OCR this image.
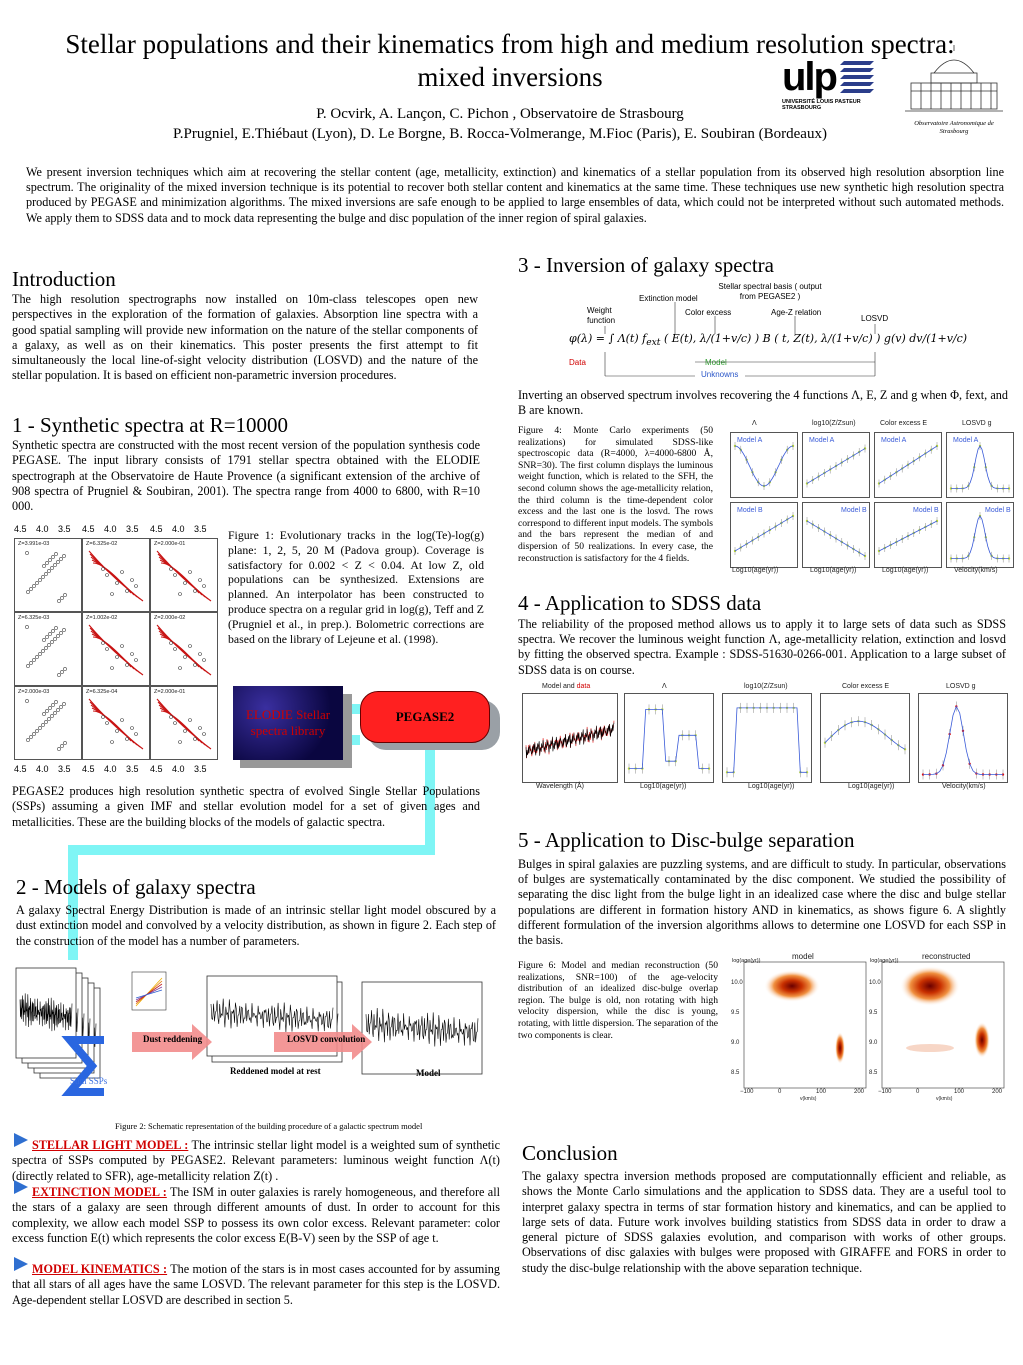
Stellar populations and their kinematics from high and medium resolution spectra: mixed inversions
P. Ocvirk, A. Lançon, C. Pichon , Observatoire de Strasbourg
P.Prugniel, E.Thiébaut (Lyon), D. Le Borgne, B. Rocca-Volmerange, M.Fioc (Paris), E. Soubiran (Bordeaux)
ulp
UNIVERSITÉ LOUIS PASTEUR STRASBOURG
Observatoire Astronomique de Strasbourg
We present inversion techniques which aim at recovering the stellar content (age, metallicity, extinction) and kinematics of a stellar population from its observed high resolution absorption line spectrum. The originality of the mixed inversion technique is its potential to recover both stellar content and kinematics at the same time. These techniques use new synthetic high resolution spectra produced by PEGASE and minimization algorithms. The mixed inversions are safe enough to be applied to large ensembles of data, which could not be interpreted without such automated methods. We apply them to SDSS data and to mock data representing the bulge and disc population of the inner region of spiral galaxies.
Introduction

The high resolution spectrographs now installed on 10m-class telescopes open new perspectives in the exploration of the formation of galaxies. Absorption line spectra with a good spatial sampling will provide new information on the nature of the stellar components of a galaxy, as well as on their kinematics. This poster presents the first attempt to fit simultaneously the local line-of-sight velocity distribution (LOSVD) and the nature of the stellar population. It is based on efficient non-parametric inversion procedures.

1 - Synthetic spectra at R=10000

Synthetic spectra are constructed with the most recent version of the population synthesis code PEGASE. The input library consists of 1791 stellar spectra obtained with the ELODIE spectrograph at the Observatoire de Haute Provence (a significant extension of the archive of 908 spectra of Prugniel & Soubiran, 2001). The spectra range from 4000 to 6800, with R=10 000.

4.5 4.0 3.5 4.5 4.0 3.5 4.5 4.0 3.5
Z=3.991e-03	Z=6.325e-02	Z=2.000e-01
Z=6.325e-03	Z=1.002e-02	Z=2.000e-02
Z=2.000e-03	Z=6.325e-04	Z=2.000e-01
4.5 4.0 3.5 4.5 4.0 3.5 4.5 4.0 3.5

Figure 1: Evolutionary tracks in the log(Te)-log(g) plane: 1, 2, 5, 20 M (Padova group). Coverage is satisfactory for 0.002 < Z < 0.04. At low Z, old populations can be synthesized. Extensions are planned. An interpolator has been constructed to produce spectra on a regular grid in log(g), Teff and Z (Prugniel et al., in prep.). Bolometric corrections are based on the library of Lejeune et al. (1998).

ELODIE Stellar spectra library
PEGASE2

PEGASE2 produces high resolution synthetic spectra of evolved Single Stellar Populations (SSPs) assuming a given IMF and stellar evolution model for a set of given ages and metallicities. These are the building blocks of the models of galactic spectra.

2 - Models of galaxy spectra

A galaxy Spectral Energy Distribution is made of an intrinsic stellar light model obscured by a dust extinction model and convolved by a velocity distribution, as shown in figure 2. Each step of the construction of the model has a number of parameters.

Dust reddening	LOSVD convolution
Reddened model at rest	Model
Sum SSPs
Figure 2: Schematic representation of the building procedure of a galactic spectrum model

STELLAR LIGHT MODEL : The intrinsic stellar light model is a weighted sum of synthetic spectra of SSPs computed by PEGASE2. Relevant parameters: luminous weight function Λ(t) (directly related to SFR), age-metallicity relation Z(t) .

EXTINCTION MODEL : The ISM in outer galaxies is rarely homogeneous, and therefore all the stars of a galaxy are seen through different amounts of dust. In order to account for this complexity, we allow each model SSP to possess its own color excess. Relevant parameter: color excess function E(t) which represents the color excess E(B-V) seen by the SSP of age t.

MODEL KINEMATICS : The motion of the stars is in most cases accounted for by assuming that all stars of all ages have the same LOSVD. The relevant parameter for this step is the LOSVD. Age-dependent stellar LOSVD are described in section 5.

3 - Inversion of galaxy spectra
Stellar spectral basis ( output from PEGASE2 )
Extinction model
Weight function
Color excess	Age-Z relation
LOSVD
φ(λ) = ∫ Λ(t) $f_{ext}$ ( E(t), λ/(1+v/c) ) B ( t, Z(t), λ/(1+v/c) ) g(v) dv/(1+v/c)
Data	Model
Unknowns

Inverting an observed spectrum involves recovering the 4 functions Λ, E, Z and g when Φ, fext, and B are known.

Figure 4: Monte Carlo experiments (50 realizations) for simulated SDSS-like spectroscopic data (R=4000, λ=4000-6800 Å, SNR=30). The first column displays the luminous weight function, which is related to the SFH, the second column shows the age-metallicity relation, the third column is the time-dependent color excess and the last one is the losvd. The rows correspond to different input models. The symbols and the bars represent the median of and dispersion of 50 realizations. In every case, the reconstruction is satisfactory for the 4 fields.

Λ	log10(Z/Zsun)	Color excess E	LOSVD g
Model A	Model A	Model A	Model A
Model B	Model B	Model B	Model B
Log10(age(yr))	Log10(age(yr))	Log10(age(yr))	Velocity(km/s)
4 - Application to SDSS data

The reliability of the proposed method allows us to apply it to large sets of data such as SDSS spectra. We recover the luminous weight function Λ, age-metallicity relation, extinction and losvd by fitting the observed spectra. Example : SDSS-51630-0266-001. Application to a large subset of SDSS data is on course.

Model and data	Λ	log10(Z/Zsun)	Color excess E	LOSVD g
Wavelength (Å)	Log10(age(yr))	Log10(age(yr))	Log10(age(yr))	Velocity(km/s)
5 - Application to Disc-bulge separation

Bulges in spiral galaxies are puzzling systems, and are difficult to study. In particular, observations of bulges are systematically contaminated by the disc component. We studied the possibility of separating the disc light from the bulge light in an idealized case where the disc and bulge stellar populations are different in formation history AND in kinematics, as shows figure 6. A slightly different formulation of the inversion algorithms allows to determine one LOSVD for each SSP in the basis.

Figure 6: Model and median reconstruction (50 realizations, SNR=100) of the age-velocity distribution of an idealized disc-bulge overlap region. The bulge is old, non rotating with high velocity dispersion, while the disc is young, rotating, with little dispersion. The separation of the two components is clear.

model	reconstructed
log(age(yr))	log(age(yr))
v(km/s)	v(km/s)
10.0
9.5
9.0
8.5
−100	0	100	200
10.0
9.5
9.0
8.5
−100	0	100	200
Conclusion

The galaxy spectra inversion methods proposed are computationnally efficient and reliable, as shows the Monte Carlo simulations and the application to SDSS data. They are a useful tool to interpret galaxy spectra in terms of star formation history and kinematics, and can be applied to large sets of data. Future work involves building statistics from SDSS data in order to draw a general picture of SDSS galaxies evolution, and comparison with works of other groups. Observations of disc galaxies with bulges were proposed with GIRAFFE and FORS in order to study the disc-bulge relationship with the above separation technique.
